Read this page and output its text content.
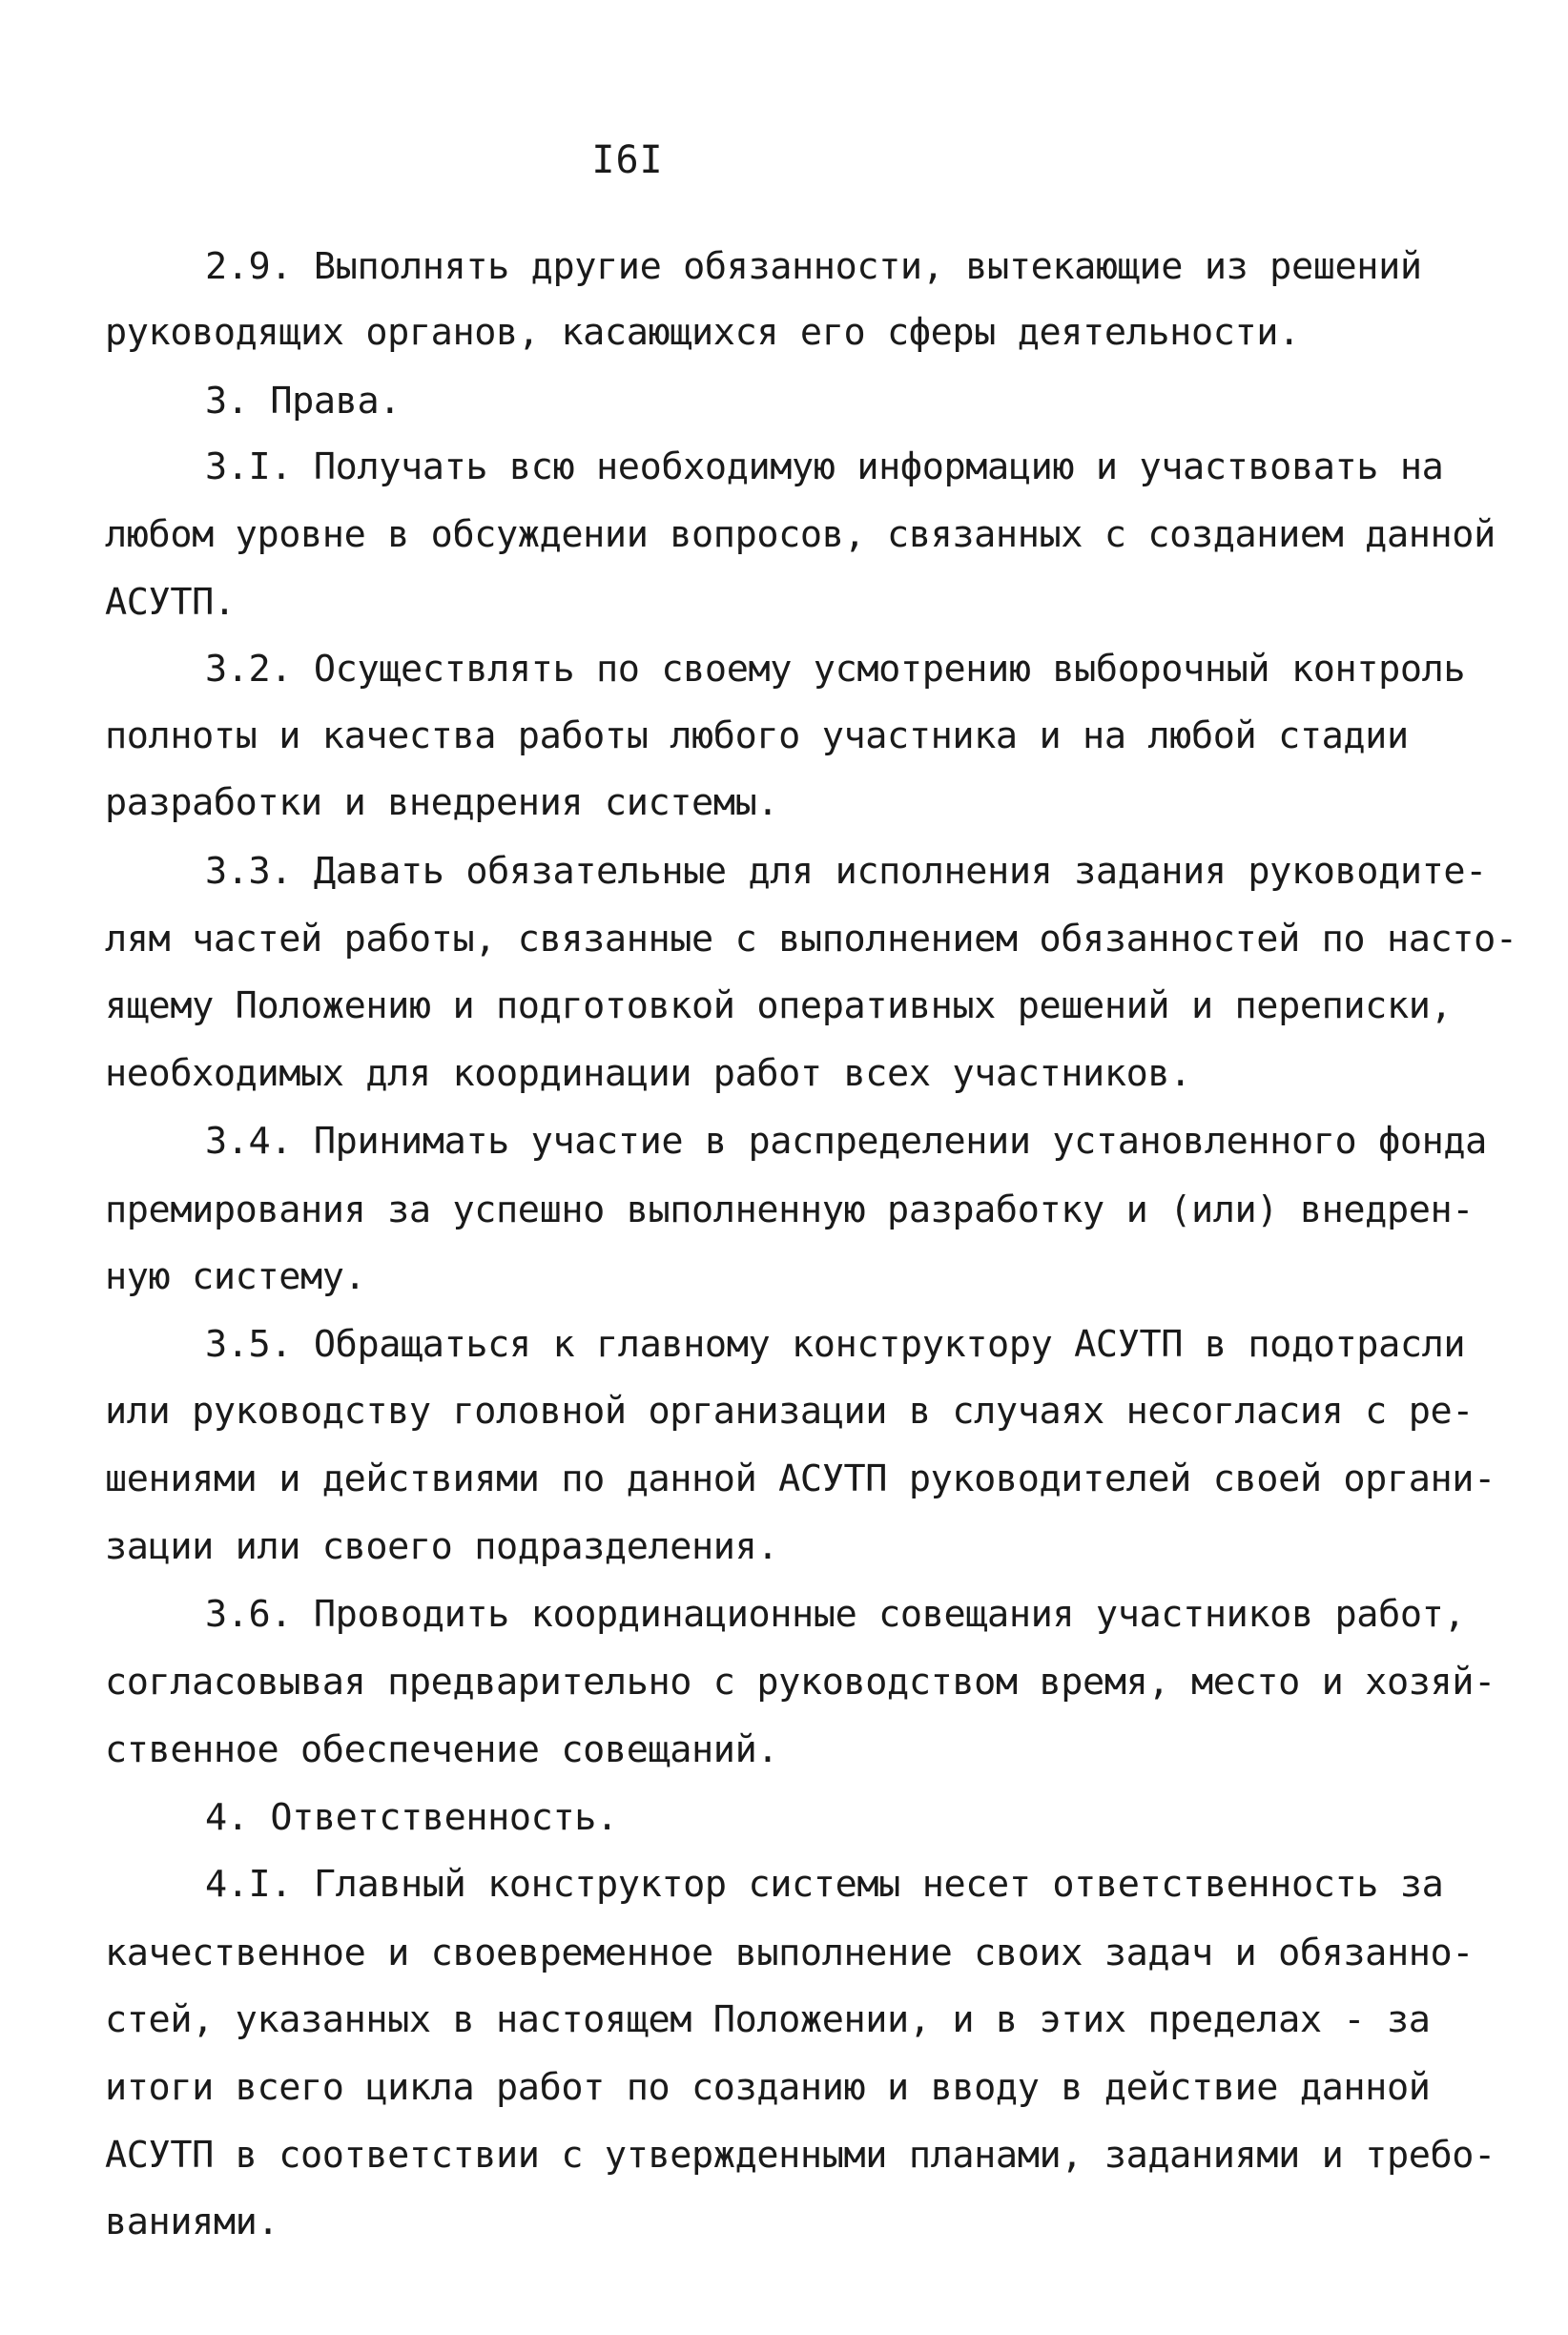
I6I

2.9. Выполнять другие обязанности, вытекающие из решений

руководящих органов, касающихся его сферы деятельности.

3. Права.

3.I. Получать всю необходимую информацию и участвовать на

любом уровне в обсуждении вопросов, связанных с созданием данной

АСУТП.

3.2. Осуществлять по своему усмотрению выборочный контроль

полноты и качества работы любого участника и на любой стадии

разработки и внедрения системы.

3.3. Давать обязательные для исполнения задания руководите-

лям частей работы, связанные с выполнением обязанностей по насто-

ящему Положению и подготовкой оперативных решений и переписки,

необходимых для координации работ всех участников.

3.4. Принимать участие в распределении установленного фонда

премирования за успешно выполненную разработку и (или) внедрен-

ную систему.

3.5. Обращаться к главному конструктору АСУТП в подотрасли

или руководству головной организации в случаях несогласия с ре-

шениями и действиями по данной АСУТП руководителей своей органи-

зации или своего подразделения.

3.6. Проводить координационные совещания участников работ,

согласовывая предварительно с руководством время, место и хозяй-

ственное обеспечение совещаний.

4. Ответственность.

4.I. Главный конструктор системы несет ответственность за

качественное и своевременное выполнение своих задач и обязанно-

стей, указанных в настоящем Положении, и в этих пределах - за

итоги всего цикла работ по созданию и вводу в действие данной

АСУТП в соответствии с утвержденными планами, заданиями и требо-

ваниями.
